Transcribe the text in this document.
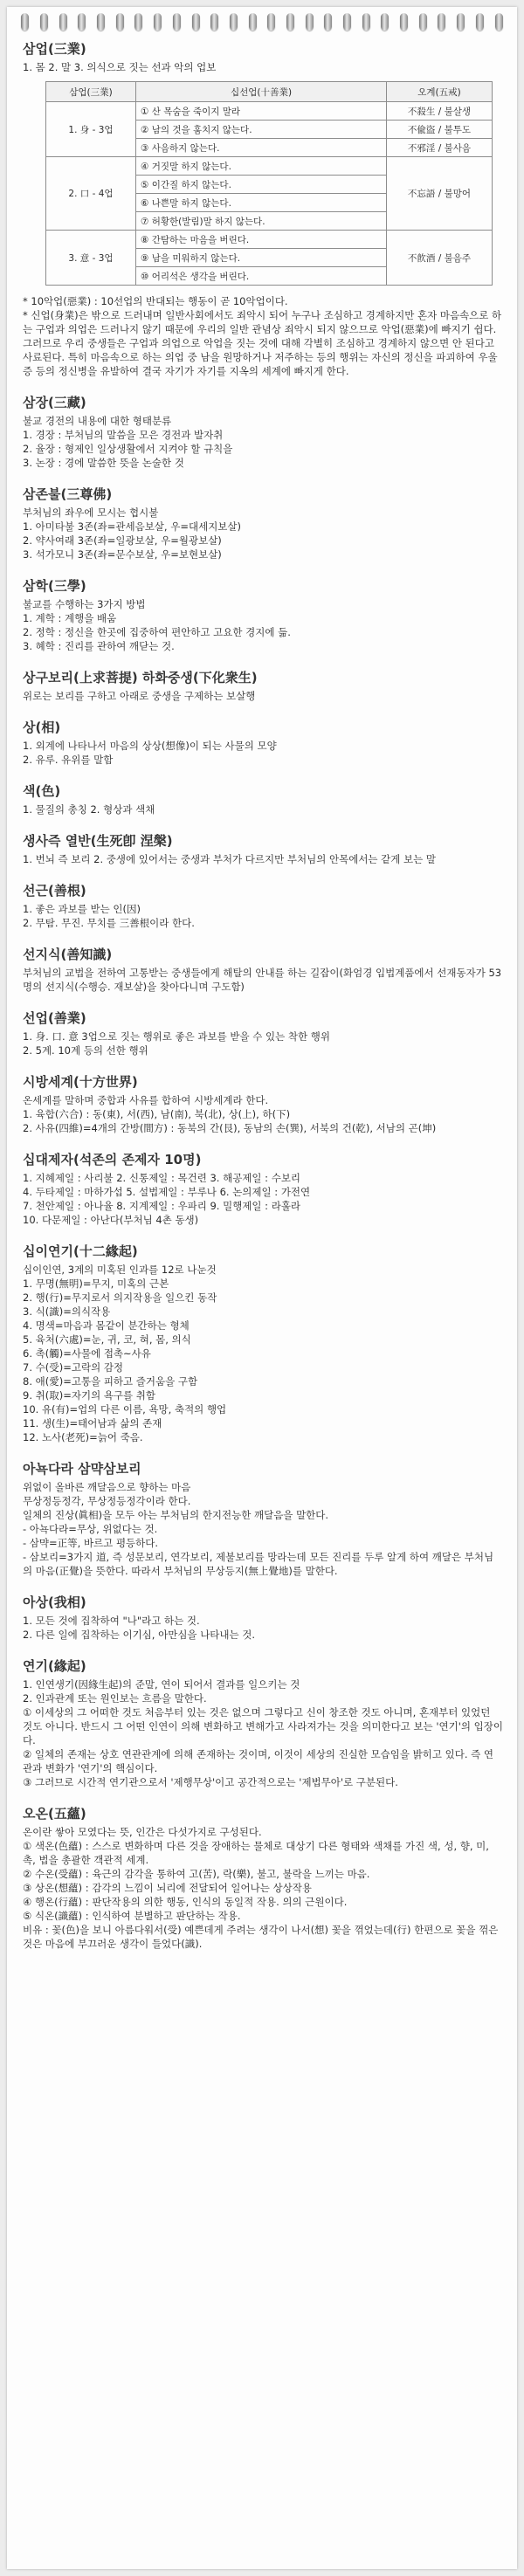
삼업(三業)

1. 몸 2. 말 3. 의식으로 짓는 선과 악의 업보

삼업(三業)	십선업(十善業)	오계(五戒)
1. 身 - 3업	① 산 목숨을 죽이지 말라	不殺生 / 불살생
	② 남의 것을 훔치지 않는다.	不偸盜 / 불투도
	③ 사음하지 않는다.	不邪淫 / 불사음
2. 口 - 4업	④ 거짓말 하지 않는다.	不忘語 / 불망어
	⑤ 이간질 하지 않는다.	
	⑥ 나쁜말 하지 않는다.	
	⑦ 허황한(발림)말 하지 않는다.	
3. 意 - 3업	⑧ 간탐하는 마음을 버린다.	不飮酒 / 불음주
	⑨ 남을 미워하지 않는다.	
	⑩ 어리석은 생각을 버린다.	

* 10악업(惡業) : 10선업의 반대되는 행동이 곧 10악업이다.

* 신업(身業)은 밖으로 드러내며 일반사회에서도 죄악시 되어 누구나 조심하고 경계하지만 혼자 마음속으로 하는 구업과 의업은 드러나지 않기 때문에 우리의 일반 관념상 죄악시 되지 않으므로 악업(惡業)에 빠지기 쉽다. 그러므로 우리 중생들은 구업과 의업으로 악업을 짓는 것에 대해 각별히 조심하고 경계하지 않으면 안 된다고 사료된다. 특히 마음속으로 하는 의업 중 남을 원망하거나 저주하는 등의 행위는 자신의 정신을 파괴하여 우울증 등의 정신병을 유발하여 결국 자기가 자기를 지옥의 세계에 빠지게 한다.

삼장(三藏)

불교 경전의 내용에 대한 형태분류

1. 경장 : 부처님의 말씀을 모은 경전과 발자취

2. 율장 : 형제인 일상생활에서 지켜야 할 규칙을

3. 논장 : 경에 말씀한 뜻을 논술한 것

삼존불(三尊佛)

부처님의 좌우에 모시는 협시불

1. 아미타불 3존(좌=관세음보살, 우=대세지보살)

2. 약사여래 3존(좌=일광보살, 우=월광보살)

3. 석가모니 3존(좌=문수보살, 우=보현보살)

삼학(三學)

불교를 수행하는 3가지 방법

1. 계학 : 계행을 배움

2. 정학 : 정신을 한곳에 집중하여 편안하고 고요한 경지에 듦.

3. 혜학 : 진리를 관하여 깨닫는 것.

상구보리(上求菩提) 하화중생(下化衆生)

위로는 보리를 구하고 아래로 중생을 구제하는 보살행

상(相)

1. 외계에 나타나서 마음의 상상(想像)이 되는 사물의 모양

2. 유루. 유위를 말함

색(色)

1. 물질의 총칭 2. 형상과 색채

생사즉 열반(生死卽 涅槃)

1. 번뇌 즉 보리 2. 중생에 있어서는 중생과 부처가 다르지만 부처님의 안목에서는 같게 보는 말

선근(善根)

1. 좋은 과보를 받는 인(因)

2. 무탐. 무진. 무치를 三善根이라 한다.

선지식(善知識)

부처님의 교법을 전하여 고통받는 중생들에게 해탈의 안내를 하는 길잡이(화엄경 입법계품에서 선재동자가 53명의 선지식(수행승. 재보살)을 찾아다니며 구도함)

선업(善業)

1. 身. 口. 意 3업으로 짓는 행위로 좋은 과보를 받을 수 있는 착한 행위

2. 5계. 10계 등의 선한 행위

시방세계(十方世界)

온세계를 말하며 중합과 사유를 합하여 시방세계라 한다.

1. 육합(六合) : 동(東), 서(西), 남(南), 북(北), 상(上), 하(下)

2. 사유(四維)=4개의 간방(間方) : 동북의 간(艮), 동남의 손(巽), 서북의 건(乾), 서남의 곤(坤)

십대제자(석존의 존제자 10명)

1. 지혜제일 : 사리불 2. 신통제일 : 목건련 3. 해공제일 : 수보리

4. 두타제일 : 마하가섭 5. 설법제일 : 부루나 6. 논의제일 : 가전연

7. 천안제일 : 아나율 8. 지계제일 : 우파리 9. 밀행제일 : 라훌라

10. 다문제일 : 아난다(부처님 4촌 동생)

십이연기(十二緣起)

십이인연, 3계의 미혹된 인과를 12로 나눈것

1. 무명(無明)=무지, 미혹의 근본

2. 행(行)=무지로서 의지작용을 일으킨 동작

3. 식(識)=의식작용

4. 명색=마음과 몸같이 분간하는 형체

5. 육처(六處)=눈, 귀, 코, 혀, 몸, 의식

6. 촉(觸)=사물에 접촉~사유

7. 수(受)=고락의 감정

8. 애(愛)=고통을 피하고 즐거움을 구함

9. 취(取)=자기의 욕구를 취함

10. 유(有)=업의 다른 이름, 욕망, 축적의 행업

11. 생(生)=태어남과 삶의 존재

12. 노사(老死)=늙어 죽음.

아뇩다라 삼먁삼보리

위없이 올바른 깨달음으로 향하는 마음

무상정등정각, 무상정등정각이라 한다.

일체의 진상(眞相)을 모두 아는 부처님의 한지전능한 깨달음을 말한다.

- 아뇩다라=무상, 위없다는 것.

- 삼먁=正等, 바르고 평등하다.

- 삼보리=3가지 道, 즉 성문보리, 연각보리, 제불보리를 망라는데 모든 진리를 두루 알게 하여 깨달은 부처님의 마음(正覺)을 뜻한다. 따라서 부처님의 무상등지(無上覺地)를 말한다.

아상(我相)

1. 모든 것에 집착하여 "나"라고 하는 것.

2. 다른 일에 집착하는 이기심, 아만심을 나타내는 것.

연기(緣起)

1. 인연생기(因緣生起)의 준말, 연이 되어서 결과를 일으키는 것

2. 인과관계 또는 원인보는 흐름을 말한다.

① 이세상의 그 어떠한 것도 처음부터 있는 것은 없으며 그렇다고 신이 창조한 것도 아니며, 혼재부터 있었던 것도 아니다. 반드시 그 어떤 인연이 의해 변화하고 변해가고 사라져가는 것을 의미한다고 보는 '연기'의 입장이다.

② 일체의 존재는 상호 연관관계에 의해 존재하는 것이며, 이것이 세상의 진실한 모습임을 밝히고 있다. 즉 연관과 변화가 '연기'의 핵심이다.

③ 그러므로 시간적 연기관으로서 '제행무상'이고 공간적으로는 '제법무아'로 구분된다.

오온(五蘊)

온이란 쌓아 모였다는 뜻, 인간은 다섯가지로 구성된다.

① 색온(色蘊) : 스스로 변화하며 다른 것을 장애하는 물체로 대상기 다른 형태와 색채를 가진 색, 성, 향, 미, 촉, 법을 총괄한 객관적 세계.

② 수온(受蘊) : 육근의 감각을 통하여 고(苦), 락(樂), 불고, 불락을 느끼는 마음.

③ 상온(想蘊) : 감각의 느낌이 뇌리에 전달되어 일어나는 상상작용

④ 행온(行蘊) : 판단작용의 의한 행동, 인식의 동일적 작용. 의의 근원이다.

⑤ 식온(識蘊) : 인식하여 분별하고 판단하는 작용.

비유 : 꽃(色)을 보니 아름다워서(受) 예쁜데게 주려는 생각이 나서(想) 꽃을 꺾었는데(行) 한편으로 꽃을 꺾은 것은 마음에 부끄러운 생각이 들었다(識).
